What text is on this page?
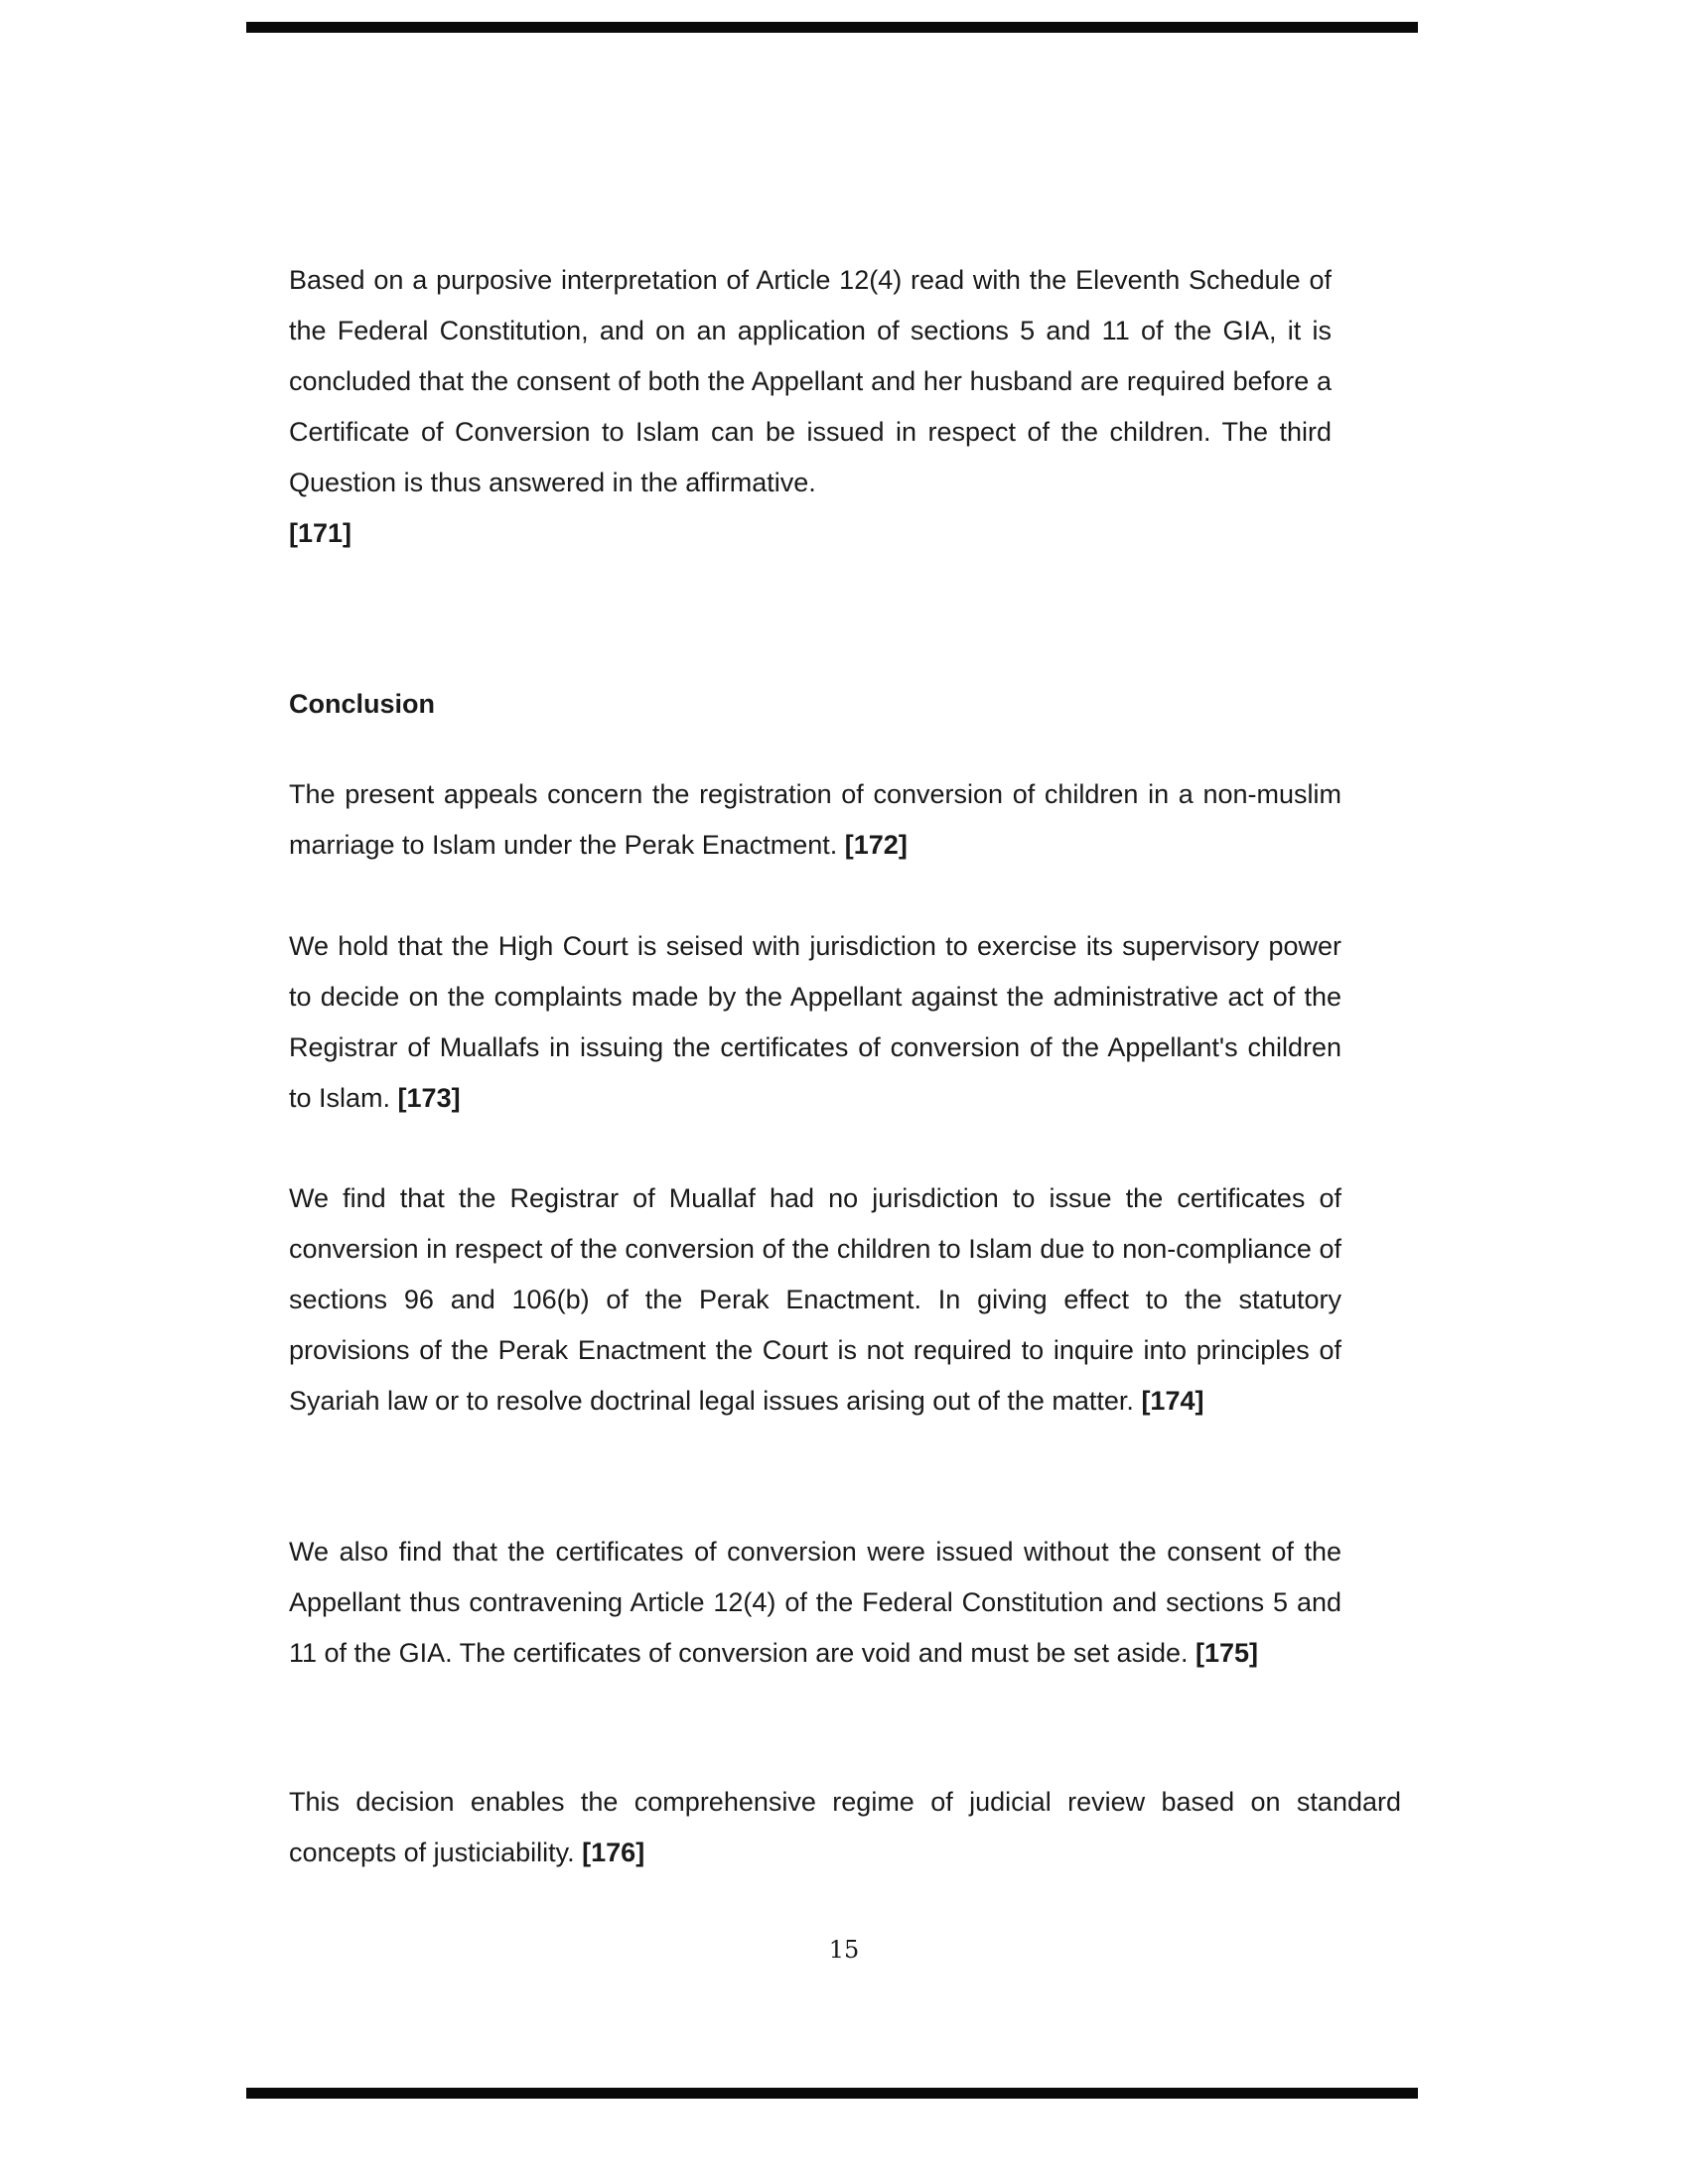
Based on a purposive interpretation of Article 12(4) read with the Eleventh Schedule of the Federal Constitution, and on an application of sections 5 and 11 of the GIA, it is concluded that the consent of both the Appellant and her husband are required before a Certificate of Conversion to Islam can be issued in respect of the children. The third Question is thus answered in the affirmative.
[171]

Conclusion

The present appeals concern the registration of conversion of children in a non-muslim marriage to Islam under the Perak Enactment. [172]

We hold that the High Court is seised with jurisdiction to exercise its supervisory power to decide on the complaints made by the Appellant against the administrative act of the Registrar of Muallafs in issuing the certificates of conversion of the Appellant's children to Islam. [173]

We find that the Registrar of Muallaf had no jurisdiction to issue the certificates of conversion in respect of the conversion of the children to Islam due to non-compliance of sections 96 and 106(b) of the Perak Enactment. In giving effect to the statutory provisions of the Perak Enactment the Court is not required to inquire into principles of Syariah law or to resolve doctrinal legal issues arising out of the matter. [174]

We also find that the certificates of conversion were issued without the consent of the Appellant thus contravening Article 12(4) of the Federal Constitution and sections 5 and 11 of the GIA. The certificates of conversion are void and must be set aside. [175]

This decision enables the comprehensive regime of judicial review based on standard concepts of justiciability. [176]

15
